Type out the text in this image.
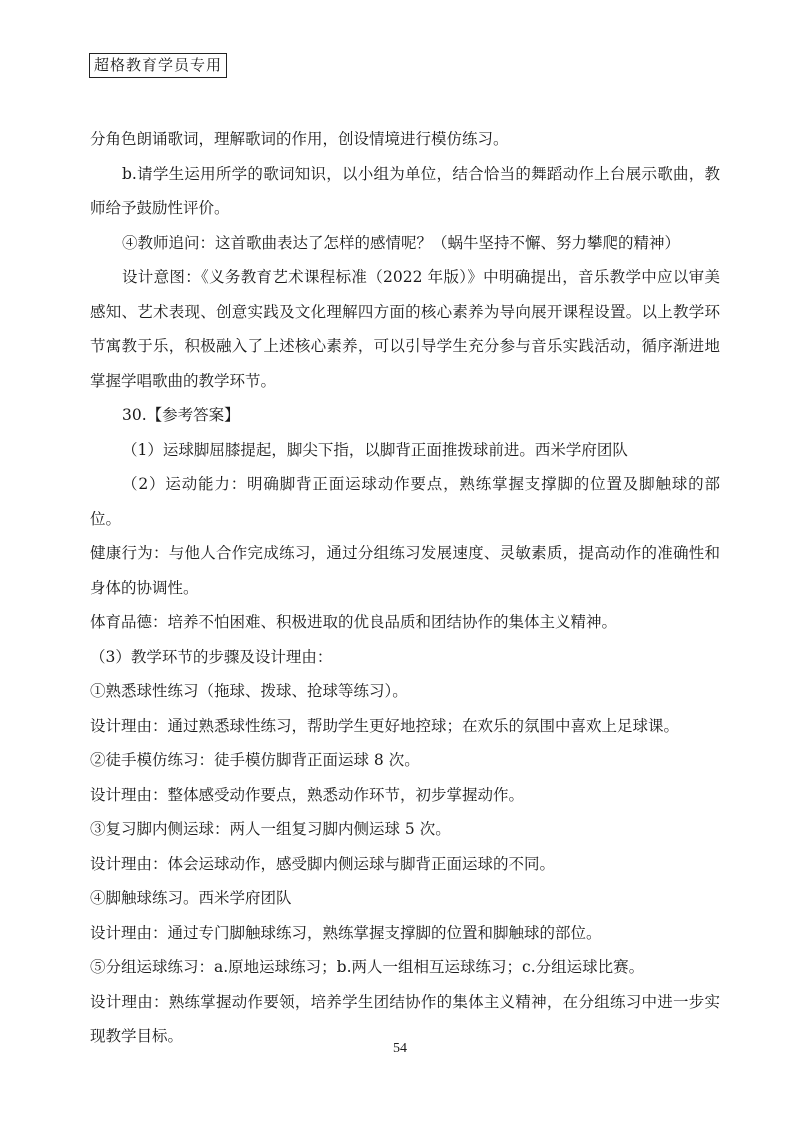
超格教育学员专用

分角色朗诵歌词，理解歌词的作用，创设情境进行模仿练习。

b.请学生运用所学的歌词知识，以小组为单位，结合恰当的舞蹈动作上台展示歌曲，教师给予鼓励性评价。

④教师追问：这首歌曲表达了怎样的感情呢？（蜗牛坚持不懈、努力攀爬的精神）

设计意图：《义务教育艺术课程标准（2022 年版）》中明确提出，音乐教学中应以审美感知、艺术表现、创意实践及文化理解四方面的核心素养为导向展开课程设置。以上教学环节寓教于乐，积极融入了上述核心素养，可以引导学生充分参与音乐实践活动，循序渐进地掌握学唱歌曲的教学环节。

30.【参考答案】

（1）运球脚屈膝提起，脚尖下指，以脚背正面推拨球前进。西米学府团队

（2）运动能力：明确脚背正面运球动作要点，熟练掌握支撑脚的位置及脚触球的部位。

健康行为：与他人合作完成练习，通过分组练习发展速度、灵敏素质，提高动作的准确性和身体的协调性。

体育品德：培养不怕困难、积极进取的优良品质和团结协作的集体主义精神。

（3）教学环节的步骤及设计理由：

①熟悉球性练习（拖球、拨球、抢球等练习）。

设计理由：通过熟悉球性练习，帮助学生更好地控球；在欢乐的氛围中喜欢上足球课。

②徒手模仿练习：徒手模仿脚背正面运球 8 次。

设计理由：整体感受动作要点，熟悉动作环节，初步掌握动作。

③复习脚内侧运球：两人一组复习脚内侧运球 5 次。

设计理由：体会运球动作，感受脚内侧运球与脚背正面运球的不同。

④脚触球练习。西米学府团队

设计理由：通过专门脚触球练习，熟练掌握支撑脚的位置和脚触球的部位。

⑤分组运球练习：a.原地运球练习；b.两人一组相互运球练习；c.分组运球比赛。

设计理由：熟练掌握动作要领，培养学生团结协作的集体主义精神，在分组练习中进一步实现教学目标。

54
